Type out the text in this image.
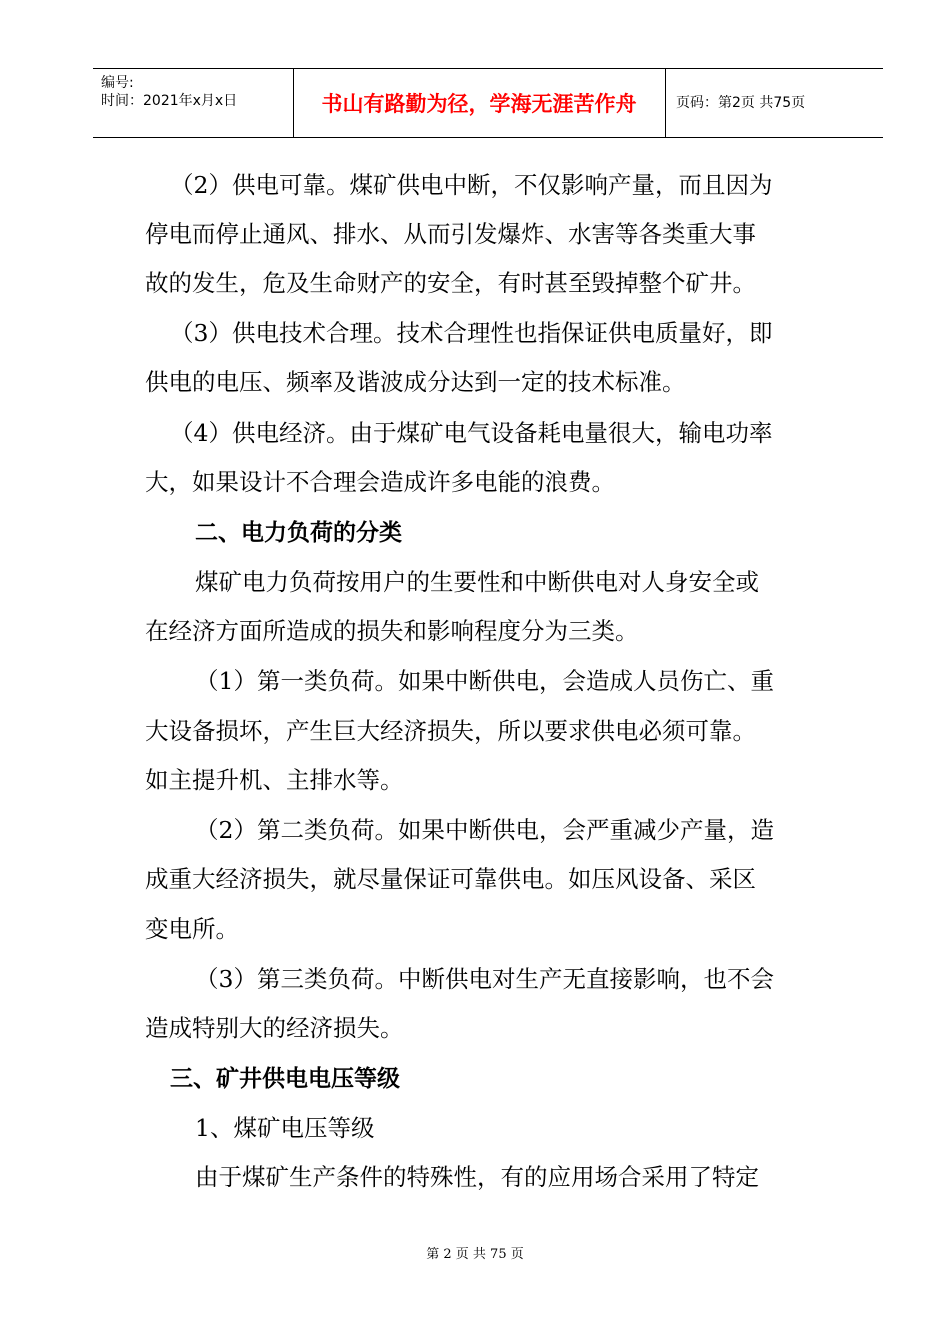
编号:
时间：2021年x月x日	书山有路勤为径，学海无涯苦作舟	页码：第2页 共75页
（2）供电可靠。煤矿供电中断，不仅影响产量，而且因为
停电而停止通风、排水、从而引发爆炸、水害等各类重大事
故的发生，危及生命财产的安全，有时甚至毁掉整个矿井。
（3）供电技术合理。技术合理性也指保证供电质量好，即
供电的电压、频率及谐波成分达到一定的技术标准。
（4）供电经济。由于煤矿电气设备耗电量很大，输电功率
大，如果设计不合理会造成许多电能的浪费。
二、电力负荷的分类
煤矿电力负荷按用户的生要性和中断供电对人身安全或
在经济方面所造成的损失和影响程度分为三类。
（1）第一类负荷。如果中断供电，会造成人员伤亡、重
大设备损坏，产生巨大经济损失，所以要求供电必须可靠。
如主提升机、主排水等。
（2）第二类负荷。如果中断供电，会严重减少产量，造
成重大经济损失，就尽量保证可靠供电。如压风设备、采区
变电所。
（3）第三类负荷。中断供电对生产无直接影响，也不会
造成特别大的经济损失。
三、矿井供电电压等级
1、煤矿电压等级
由于煤矿生产条件的特殊性，有的应用场合采用了特定
第 2 页 共 75 页
